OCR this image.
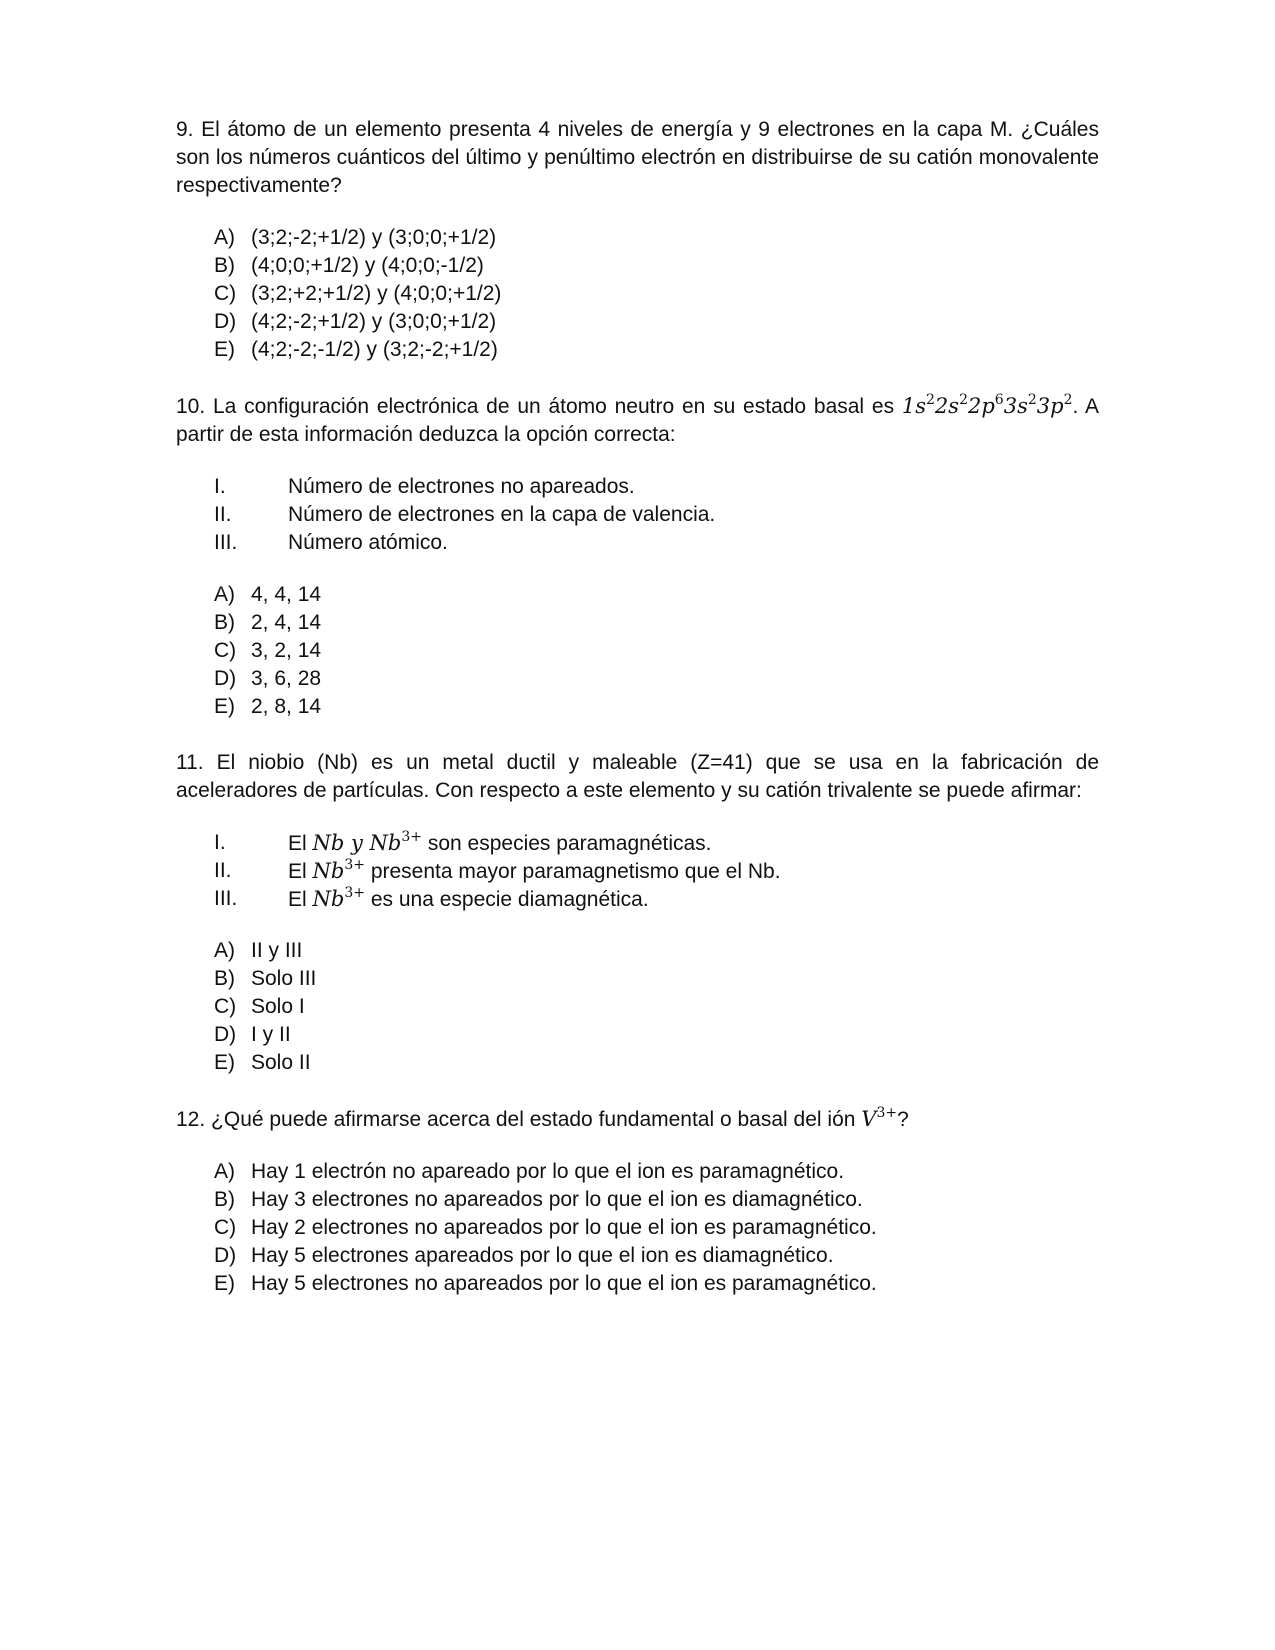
9. El átomo de un elemento presenta 4 niveles de energía y 9 electrones en la capa M. ¿Cuáles son los números cuánticos del último y penúltimo electrón en distribuirse de su catión monovalente respectivamente?

A) (3;2;-2;+1/2) y (3;0;0;+1/2)
B) (4;0;0;+1/2) y (4;0;0;-1/2)
C) (3;2;+2;+1/2) y (4;0;0;+1/2)
D) (4;2;-2;+1/2) y (3;0;0;+1/2)
E) (4;2;-2;-1/2) y (3;2;-2;+1/2)

10. La configuración electrónica de un átomo neutro en su estado basal es $1s^22s^22p^63s^23p^2$. A partir de esta información deduzca la opción correcta:

I.	Número de electrones no apareados.
II.	Número de electrones en la capa de valencia.
III.	Número atómico.
A) 4, 4, 14
B) 2, 4, 14
C) 3, 2, 14
D) 3, 6, 28
E) 2, 8, 14

11. El niobio (Nb) es un metal ductil y maleable (Z=41) que se usa en la fabricación de aceleradores de partículas. Con respecto a este elemento y su catión trivalente se puede afirmar:

I.	El Nb y $Nb^{3+}$ son especies paramagnéticas.
II.	El $Nb^{3+}$ presenta mayor paramagnetismo que el Nb.
III.	El $Nb^{3+}$ es una especie diamagnética.
A) II y III
B) Solo III
C) Solo I
D) I y II
E) Solo II

12. ¿Qué puede afirmarse acerca del estado fundamental o basal del ión $V^{3+}$?

A) Hay 1 electrón no apareado por lo que el ion es paramagnético.
B) Hay 3 electrones no apareados por lo que el ion es diamagnético.
C) Hay 2 electrones no apareados por lo que el ion es paramagnético.
D) Hay 5 electrones apareados por lo que el ion es diamagnético.
E) Hay 5 electrones no apareados por lo que el ion es paramagnético.
